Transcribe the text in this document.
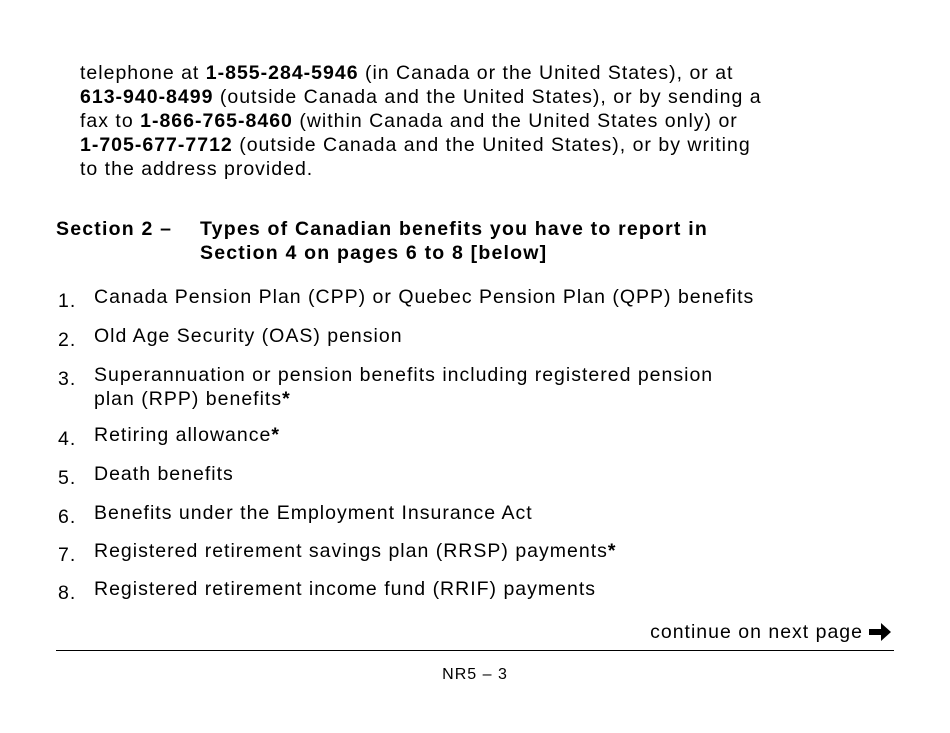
telephone at 1-855-284-5946 (in Canada or the United States), or at
613-940-8499 (outside Canada and the United States), or by sending a
fax to 1-866-765-8460 (within Canada and the United States only) or
1-705-677-7712 (outside Canada and the United States), or by writing
to the address provided.
Section 2 – Types of Canadian benefits you have to report in
Section 4 on pages 6 to 8 [below]
1. Canada Pension Plan (CPP) or Quebec Pension Plan (QPP) benefits
2. Old Age Security (OAS) pension
3. Superannuation or pension benefits including registered pension
plan (RPP) benefits*
4. Retiring allowance*
5. Death benefits
6. Benefits under the Employment Insurance Act
7. Registered retirement savings plan (RRSP) payments*
8. Registered retirement income fund (RRIF) payments
continue on next page
NR5 – 3
